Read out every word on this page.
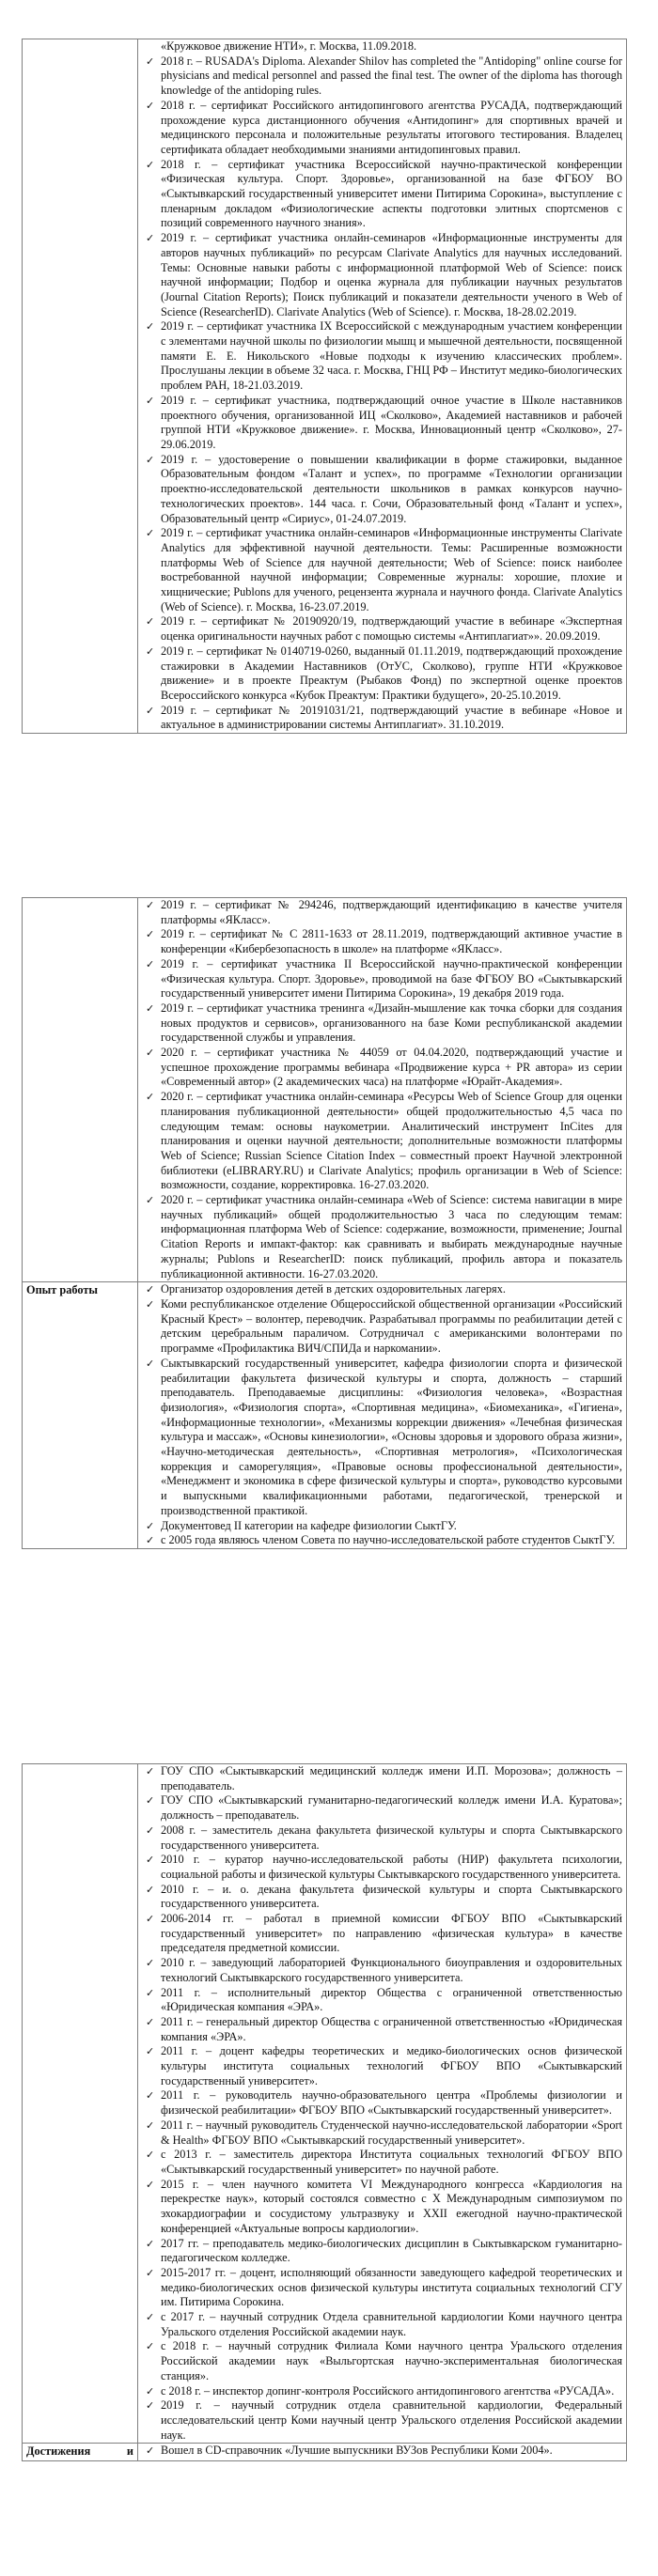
«Кружковое движение НТИ», г. Москва, 11.09.2018.
✓ 2018 г. – RUSADA's Diploma. Alexander Shilov has completed the "Antidoping" online course for physicians and medical personnel and passed the final test. The owner of the diploma has thorough knowledge of the antidoping rules.
✓ 2018 г. – сертификат Российского антидопингового агентства РУСАДА, подтверждающий прохождение курса дистанционного обучения «Антидопинг» для спортивных врачей и медицинского персонала и положительные результаты итогового тестирования. Владелец сертификата обладает необходимыми знаниями антидопинговых правил.
✓ 2018 г. – сертификат участника Всероссийской научно-практической конференции «Физическая культура. Спорт. Здоровье», организованной на базе ФГБОУ ВО «Сыктывкарский государственный университет имени Питирима Сорокина», выступление с пленарным докладом «Физиологические аспекты подготовки элитных спортсменов с позиций современного научного знания».
✓ 2019 г. – сертификат участника онлайн-семинаров «Информационные инструменты для авторов научных публикаций» по ресурсам Clarivate Analytics для научных исследований. Темы: Основные навыки работы с информационной платформой Web of Science: поиск научной информации; Подбор и оценка журнала для публикации научных результатов (Journal Citation Reports); Поиск публикаций и показатели деятельности ученого в Web of Science (ResearcherID). Clarivate Analytics (Web of Science). г. Москва, 18-28.02.2019.
✓ 2019 г. – сертификат участника IX Всероссийской с международным участием конференции с элементами научной школы по физиологии мышц и мышечной деятельности, посвященной памяти Е. Е. Никольского «Новые подходы к изучению классических проблем». Прослушаны лекции в объеме 32 часа. г. Москва, ГНЦ РФ – Институт медико-биологических проблем РАН, 18-21.03.2019.
✓ 2019 г. – сертификат участника, подтверждающий очное участие в Школе наставников проектного обучения, организованной ИЦ «Сколково», Академией наставников и рабочей группой НТИ «Кружковое движение». г. Москва, Инновационный центр «Сколково», 27-29.06.2019.
✓ 2019 г. – удостоверение о повышении квалификации в форме стажировки, выданное Образовательным фондом «Талант и успех», по программе «Технологии организации проектно-исследовательской деятельности школьников в рамках конкурсов научно-технологических проектов». 144 часа. г. Сочи, Образовательный фонд «Талант и успех», Образовательный центр «Сириус», 01-24.07.2019.
✓ 2019 г. – сертификат участника онлайн-семинаров «Информационные инструменты Clarivate Analytics для эффективной научной деятельности. Темы: Расширенные возможности платформы Web of Science для научной деятельности; Web of Science: поиск наиболее востребованной научной информации; Современные журналы: хорошие, плохие и хищнические; Publons для ученого, рецензента журнала и научного фонда. Clarivate Analytics (Web of Science). г. Москва, 16-23.07.2019.
✓ 2019 г. – сертификат № 20190920/19, подтверждающий участие в вебинаре «Экспертная оценка оригинальности научных работ с помощью системы «Антиплагиат»». 20.09.2019.
✓ 2019 г. – сертификат № 0140719-0260, выданный 01.11.2019, подтверждающий прохождение стажировки в Академии Наставников (ОтУС, Сколково), группе НТИ «Кружковое движение» и в проекте Преактум (Рыбаков Фонд) по экспертной оценке проектов Всероссийского конкурса «Кубок Преактум: Практики будущего», 20-25.10.2019.
✓ 2019 г. – сертификат № 20191031/21, подтверждающий участие в вебинаре «Новое и актуальное в администрировании системы Антиплагиат». 31.10.2019.

✓ 2019 г. – сертификат № 294246, подтверждающий идентификацию в качестве учителя платформы «ЯКласс».
✓ 2019 г. – сертификат № С 2811-1633 от 28.11.2019, подтверждающий активное участие в конференции «Кибербезопасность в школе» на платформе «ЯКласс».
✓ 2019 г. – сертификат участника II Всероссийской научно-практической конференции «Физическая культура. Спорт. Здоровье», проводимой на базе ФГБОУ ВО «Сыктывкарский государственный университет имени Питирима Сорокина», 19 декабря 2019 года.
✓ 2019 г. – сертификат участника тренинга «Дизайн-мышление как точка сборки для создания новых продуктов и сервисов», организованного на базе Коми республиканской академии государственной службы и управления.
✓ 2020 г. – сертификат участника № 44059 от 04.04.2020, подтверждающий участие и успешное прохождение программы вебинара «Продвижение курса + PR автора» из серии «Современный автор» (2 академических часа) на платформе «Юрайт-Академия».
✓ 2020 г. – сертификат участника онлайн-семинара «Ресурсы Web of Science Group для оценки планирования публикационной деятельности» общей продолжительностью 4,5 часа по следующим темам: основы наукометрии. Аналитический инструмент InCites для планирования и оценки научной деятельности; дополнительные возможности платформы Web of Science; Russian Science Citation Index – совместный проект Научной электронной библиотеки (eLIBRARY.RU) и Clarivate Analytics; профиль организации в Web of Science: возможности, создание, корректировка. 16-27.03.2020.
✓ 2020 г. – сертификат участника онлайн-семинара «Web of Science: система навигации в мире научных публикаций» общей продолжительностью 3 часа по следующим темам: информационная платформа Web of Science: содержание, возможности, применение; Journal Citation Reports и импакт-фактор: как сравнивать и выбирать международные научные журналы; Publons и ResearcherID: поиск публикаций, профиль автора и показатель публикационной активности. 16-27.03.2020.

Опыт работы	✓ Организатор оздоровления детей в детских оздоровительных лагерях.
✓ Коми республиканское отделение Общероссийской общественной организации «Российский Красный Крест» – волонтер, переводчик. Разрабатывал программы по реабилитации детей с детским церебральным параличом. Сотрудничал с американскими волонтерами по программе «Профилактика ВИЧ/СПИДа и наркомании».
✓ Сыктывкарский государственный университет, кафедра физиологии спорта и физической реабилитации факультета физической культуры и спорта, должность – старший преподаватель. Преподаваемые дисциплины: «Физиология человека», «Возрастная физиология», «Физиология спорта», «Спортивная медицина», «Биомеханика», «Гигиена», «Информационные технологии», «Механизмы коррекции движения» «Лечебная физическая культура и массаж», «Основы кинезиологии», «Основы здоровья и здорового образа жизни», «Научно-методическая деятельность», «Спортивная метрология», «Психологическая коррекция и саморегуляция», «Правовые основы профессиональной деятельности», «Менеджмент и экономика в сфере физической культуры и спорта», руководство курсовыми и выпускными квалификационными работами, педагогической, тренерской и производственной практикой.
✓ Документовед II категории на кафедре физиологии СыктГУ.
✓ с 2005 года являюсь членом Совета по научно-исследовательской работе студентов СыктГУ.

✓ ГОУ СПО «Сыктывкарский медицинский колледж имени И.П. Морозова»; должность – преподаватель.
✓ ГОУ СПО «Сыктывкарский гуманитарно-педагогический колледж имени И.А. Куратова»; должность – преподаватель.
✓ 2008 г. – заместитель декана факультета физической культуры и спорта Сыктывкарского государственного университета.
✓ 2010 г. – куратор научно-исследовательской работы (НИР) факультета психологии, социальной работы и физической культуры Сыктывкарского государственного университета.
✓ 2010 г. – и. о. декана факультета физической культуры и спорта Сыктывкарского государственного университета.
✓ 2006-2014 гг. – работал в приемной комиссии ФГБОУ ВПО «Сыктывкарский государственный университет» по направлению «физическая культура» в качестве председателя предметной комиссии.
✓ 2010 г. – заведующий лабораторией Функционального биоуправления и оздоровительных технологий Сыктывкарского государственного университета.
✓ 2011 г. – исполнительный директор Общества с ограниченной ответственностью «Юридическая компания «ЭРА».
✓ 2011 г. – генеральный директор Общества с ограниченной ответственностью «Юридическая компания «ЭРА».
✓ 2011 г. – доцент кафедры теоретических и медико-биологических основ физической культуры института социальных технологий ФГБОУ ВПО «Сыктывкарский государственный университет».
✓ 2011 г. – руководитель научно-образовательного центра «Проблемы физиологии и физической реабилитации» ФГБОУ ВПО «Сыктывкарский государственный университет».
✓ 2011 г. – научный руководитель Студенческой научно-исследовательской лаборатории «Sport & Health» ФГБОУ ВПО «Сыктывкарский государственный университет».
✓ с 2013 г. – заместитель директора Института социальных технологий ФГБОУ ВПО «Сыктывкарский государственный университет» по научной работе.
✓ 2015 г. – член научного комитета VI Международного конгресса «Кардиология на перекрестке наук», который состоялся совместно с X Международным симпозиумом по эхокардиографии и сосудистому ультразвуку и XXII ежегодной научно-практической конференцией «Актуальные вопросы кардиологии».
✓ 2017 гг. – преподаватель медико-биологических дисциплин в Сыктывкарском гуманитарно-педагогическом колледже.
✓ 2015-2017 гг. – доцент, исполняющий обязанности заведующего кафедрой теоретических и медико-биологических основ физической культуры института социальных технологий СГУ им. Питирима Сорокина.
✓ с 2017 г. – научный сотрудник Отдела сравнительной кардиологии Коми научного центра Уральского отделения Российской академии наук.
✓ с 2018 г. – научный сотрудник Филиала Коми научного центра Уральского отделения Российской академии наук «Выльгортская научно-экспериментальная биологическая станция».
✓ с 2018 г. – инспектор допинг-контроля Российского антидопингового агентства «РУСАДА».
✓ 2019 г. – научный сотрудник отдела сравнительной кардиологии, Федеральный исследовательский центр Коми научный центр Уральского отделения Российской академии наук.

Достижения и	✓ Вошел в CD-справочник «Лучшие выпускники ВУЗов Республики Коми 2004».
